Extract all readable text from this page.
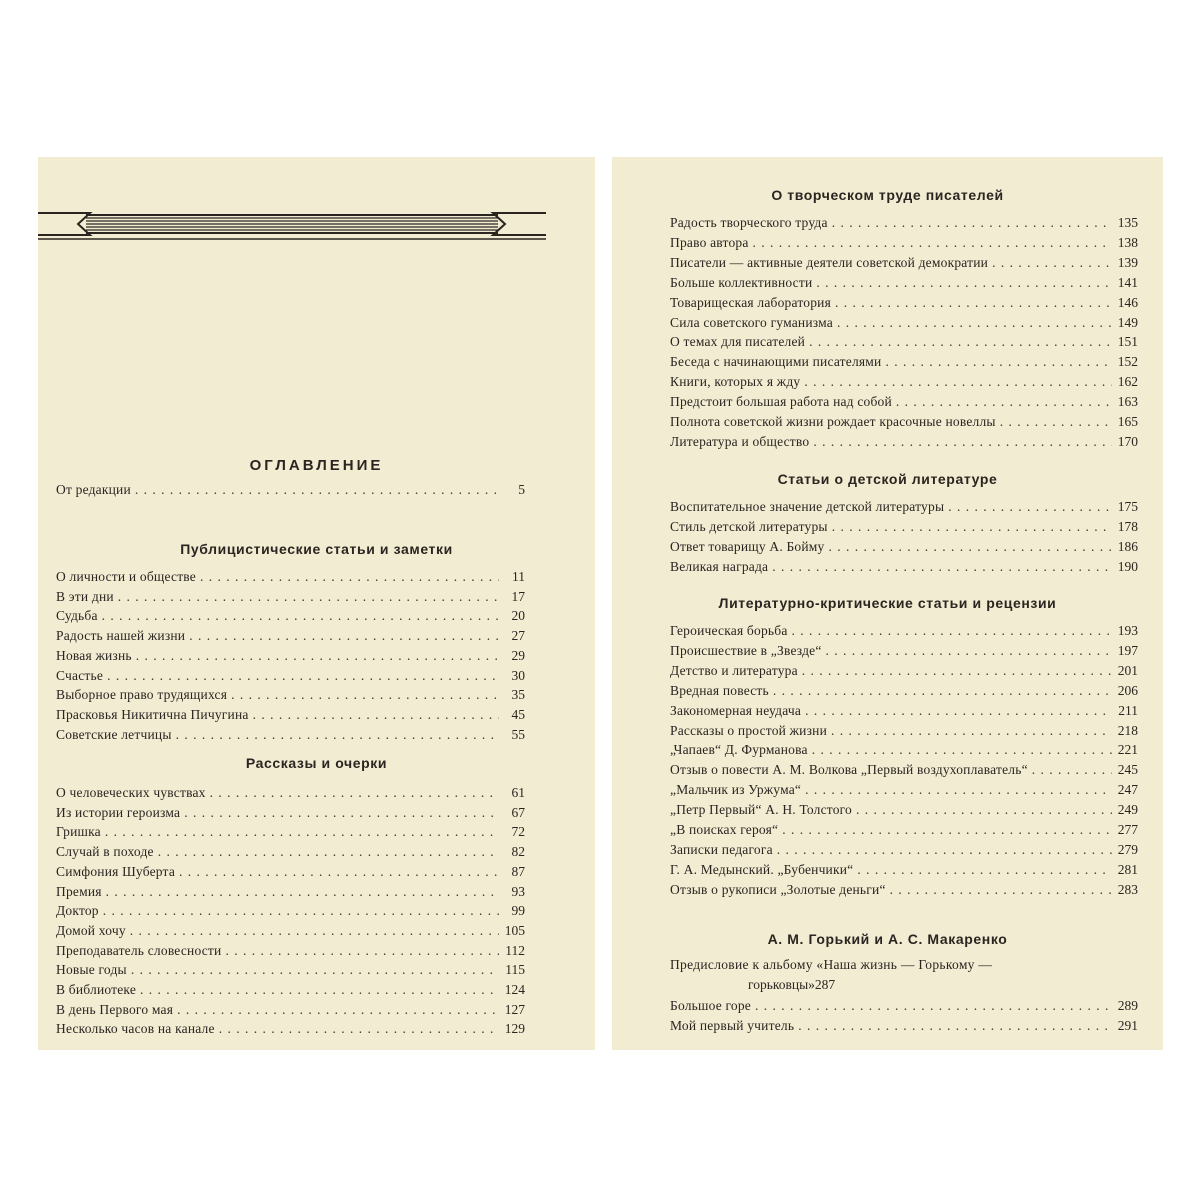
ОГЛАВЛЕНИЕ
От редакции . . .	5
Публицистические статьи и заметки
О личности и обществе . . .	11
В эти дни . . .	17
Судьба . . .	20
Радость нашей жизни . . .	27
Новая жизнь . . .	29
Счастье . . .	30
Выборное право трудящихся . . .	35
Прасковья Никитична Пичугина . . .	45
Советские летчицы . . .	55
Рассказы и очерки
О человеческих чувствах . . .	61
Из истории героизма . . .	67
Гришка . . .	72
Случай в походе . . .	82
Симфония Шуберта . . .	87
Премия . . .	93
Доктор . . .	99
Домой хочу . . .	105
Преподаватель словесности . . .	112
Новые годы . . .	115
В библиотеке . . .	124
В день Первого мая . . .	127
Несколько часов на канале . . .	129
О творческом труде писателей
Радость творческого труда . . .	135
Право автора . . .	138
Писатели — активные деятели советской демократии . . .	139
Больше коллективности . . .	141
Товарищеская лаборатория . . .	146
Сила советского гуманизма . . .	149
О темах для писателей . . .	151
Беседа с начинающими писателями . . .	152
Книги, которых я жду . . .	162
Предстоит большая работа над собой . . .	163
Полнота советской жизни рождает красочные новеллы . . .	165
Литература и общество . . .	170
Статьи о детской литературе
Воспитательное значение детской литературы . . .	175
Стиль детской литературы . . .	178
Ответ товарищу А. Бойму . . .	186
Великая награда . . .	190
Литературно-критические статьи и рецензии
Героическая борьба . . .	193
Происшествие в „Звезде“ . . .	197
Детство и литература . . .	201
Вредная повесть . . .	206
Закономерная неудача . . .	211
Рассказы о простой жизни . . .	218
„Чапаев“ Д. Фурманова . . .	221
Отзыв о повести А. М. Волкова „Первый воздухоплаватель“ . . .	245
„Мальчик из Уржума“ . . .	247
„Петр Первый“ А. Н. Толстого . . .	249
„В поисках героя“ . . .	277
Записки педагога . . .	279
Г. А. Медынский. „Бубенчики“ . . .	281
Отзыв о рукописи „Золотые деньги“ . . .	283
А. М. Горький и А. С. Макаренко
Предисловие к альбому «Наша жизнь — Горькому —
горьковцы» 287
Большое горе . . .	289
Мой первый учитель . . .	291
